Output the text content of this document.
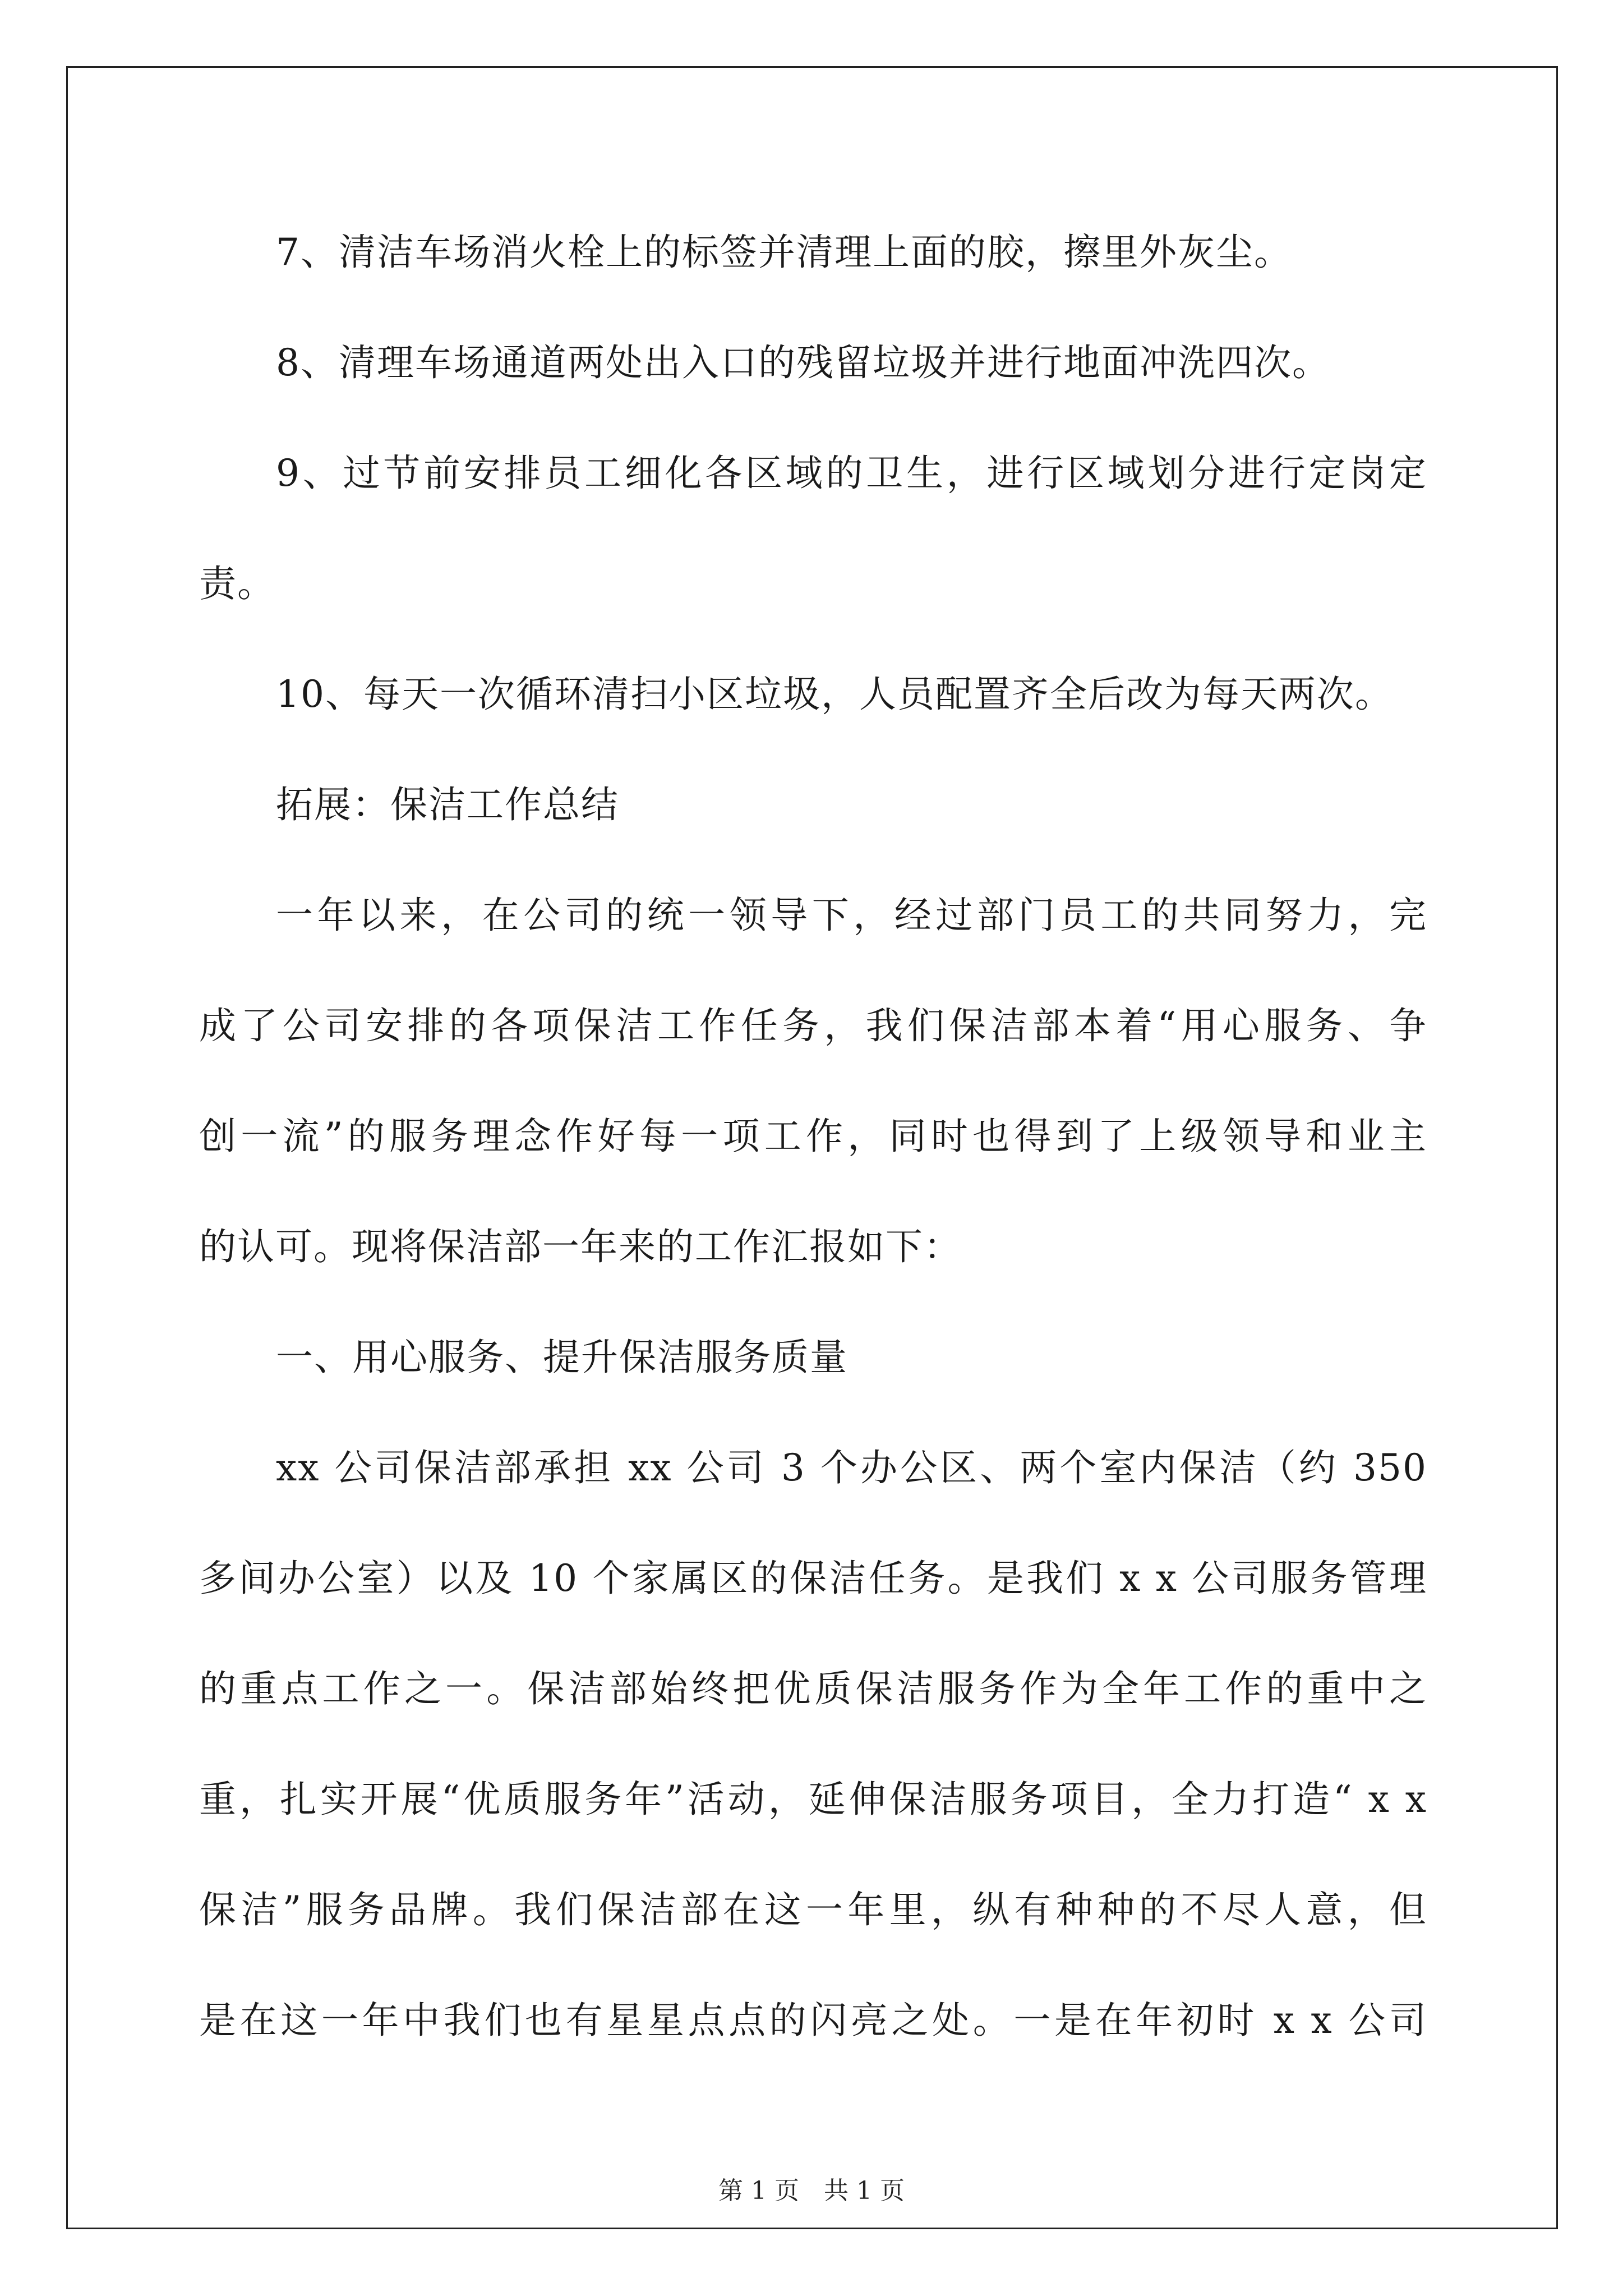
7、清洁车场消火栓上的标签并清理上面的胶，擦里外灰尘。
8、清理车场通道两处出入口的残留垃圾并进行地面冲洗四次。
9、过节前安排员工细化各区域的卫生，进行区域划分进行定岗定
责。
10、每天一次循环清扫小区垃圾，人员配置齐全后改为每天两次。
拓展：保洁工作总结
一年以来，在公司的统一领导下，经过部门员工的共同努力，完
成了公司安排的各项保洁工作任务，我们保洁部本着“用心服务、争
创一流”的服务理念作好每一项工作，同时也得到了上级领导和业主
的认可。现将保洁部一年来的工作汇报如下：
一、用心服务、提升保洁服务质量
xx 公司保洁部承担 xx 公司 3 个办公区、两个室内保洁（约 350
多间办公室）以及 10 个家属区的保洁任务。是我们 x x 公司服务管理
的重点工作之一。保洁部始终把优质保洁服务作为全年工作的重中之
重，扎实开展“优质服务年”活动，延伸保洁服务项目，全力打造“ x x
保洁”服务品牌。我们保洁部在这一年里，纵有种种的不尽人意，但
是在这一年中我们也有星星点点的闪亮之处。一是在年初时 x x 公司
第 1 页　共 1 页
